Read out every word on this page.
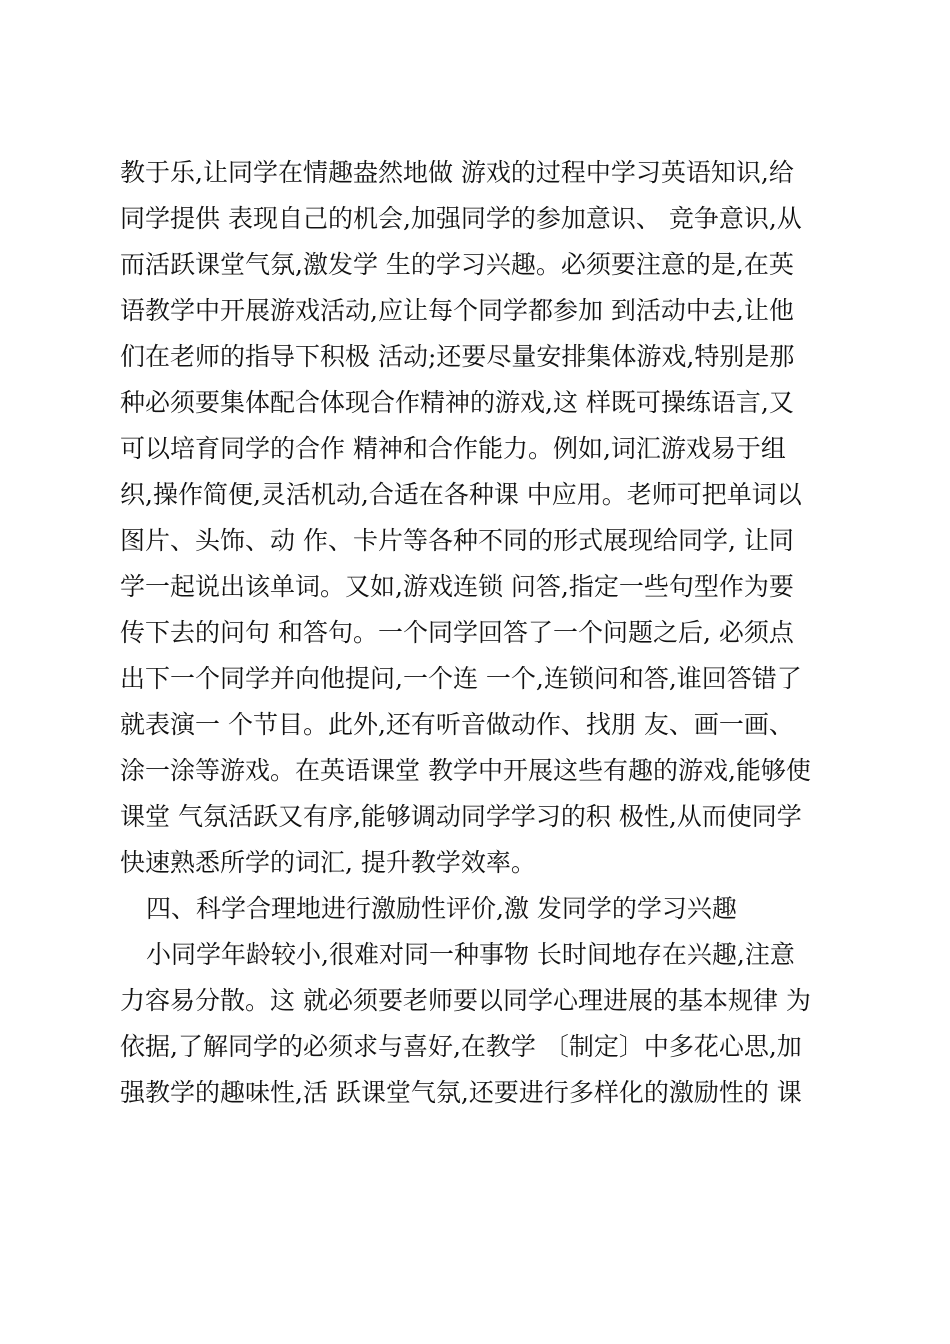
教于乐,让同学在情趣盎然地做 游戏的过程中学习英语知识,给
同学提供 表现自己的机会,加强同学的参加意识、 竞争意识,从
而活跃课堂气氛,激发学 生的学习兴趣。必须要注意的是,在英
语教学中开展游戏活动,应让每个同学都参加 到活动中去,让他
们在老师的指导下积极 活动;还要尽量安排集体游戏,特别是那
种必须要集体配合体现合作精神的游戏,这 样既可操练语言,又
可以培育同学的合作 精神和合作能力。例如,词汇游戏易于组
织,操作简便,灵活机动,合适在各种课 中应用。老师可把单词以
图片、头饰、动 作、卡片等各种不同的形式展现给同学, 让同
学一起说出该单词。又如,游戏连锁 问答,指定一些句型作为要
传下去的问句 和答句。一个同学回答了一个问题之后, 必须点
出下一个同学并向他提问,一个连 一个,连锁问和答,谁回答错了
就表演一 个节目。此外,还有听音做动作、找朋 友、画一画、
涂一涂等游戏。在英语课堂 教学中开展这些有趣的游戏,能够使
课堂 气氛活跃又有序,能够调动同学学习的积 极性,从而使同学
快速熟悉所学的词汇, 提升教学效率。
四、科学合理地进行激励性评价,激 发同学的学习兴趣
小同学年龄较小,很难对同一种事物 长时间地存在兴趣,注意
力容易分散。这 就必须要老师要以同学心理进展的基本规律 为
依据,了解同学的必须求与喜好,在教学 〔制定〕中多花心思,加
强教学的趣味性,活 跃课堂气氛,还要进行多样化的激励性的 课
